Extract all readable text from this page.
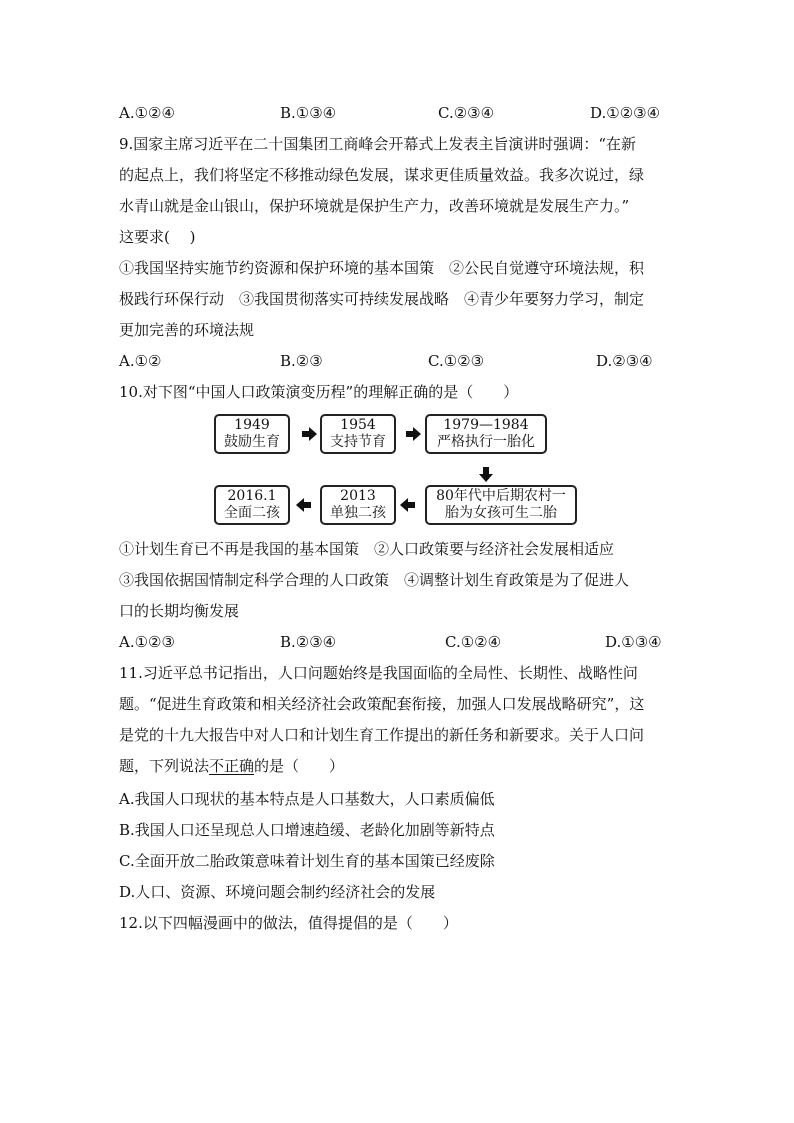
A.①②④	B.①③④	C.②③④	D.①②③④
9.国家主席习近平在二十国集团工商峰会开幕式上发表主旨演讲时强调：“在新
的起点上，我们将坚定不移推动绿色发展，谋求更佳质量效益。我多次说过，绿
水青山就是金山银山，保护环境就是保护生产力，改善环境就是发展生产力。”
这要求(　 )
①我国坚持实施节约资源和保护环境的基本国策　②公民自觉遵守环境法规，积
极践行环保行动　③我国贯彻落实可持续发展战略　④青少年要努力学习，制定
更加完善的环境法规
A.①②	B.②③	C.①②③	D.②③④
10.对下图“中国人口政策演变历程”的理解正确的是（　　）
1949
鼓励生育
1954
支持节育
1979—1984
严格执行一胎化
80年代中后期农村一
胎为女孩可生二胎
2013
单独二孩
2016.1
全面二孩
①计划生育已不再是我国的基本国策　②人口政策要与经济社会发展相适应
③我国依据国情制定科学合理的人口政策　④调整计划生育政策是为了促进人
口的长期均衡发展
A.①②③	B.②③④	C.①②④	D.①③④
11.习近平总书记指出，人口问题始终是我国面临的全局性、长期性、战略性问
题。“促进生育政策和相关经济社会政策配套衔接，加强人口发展战略研究”，这
是党的十九大报告中对人口和计划生育工作提出的新任务和新要求。关于人口问
题，下列说法不正确的是（　　）
A.我国人口现状的基本特点是人口基数大，人口素质偏低
B.我国人口还呈现总人口增速趋缓、老龄化加剧等新特点
C.全面开放二胎政策意味着计划生育的基本国策已经废除
D.人口、资源、环境问题会制约经济社会的发展
12.以下四幅漫画中的做法，值得提倡的是（　　）
